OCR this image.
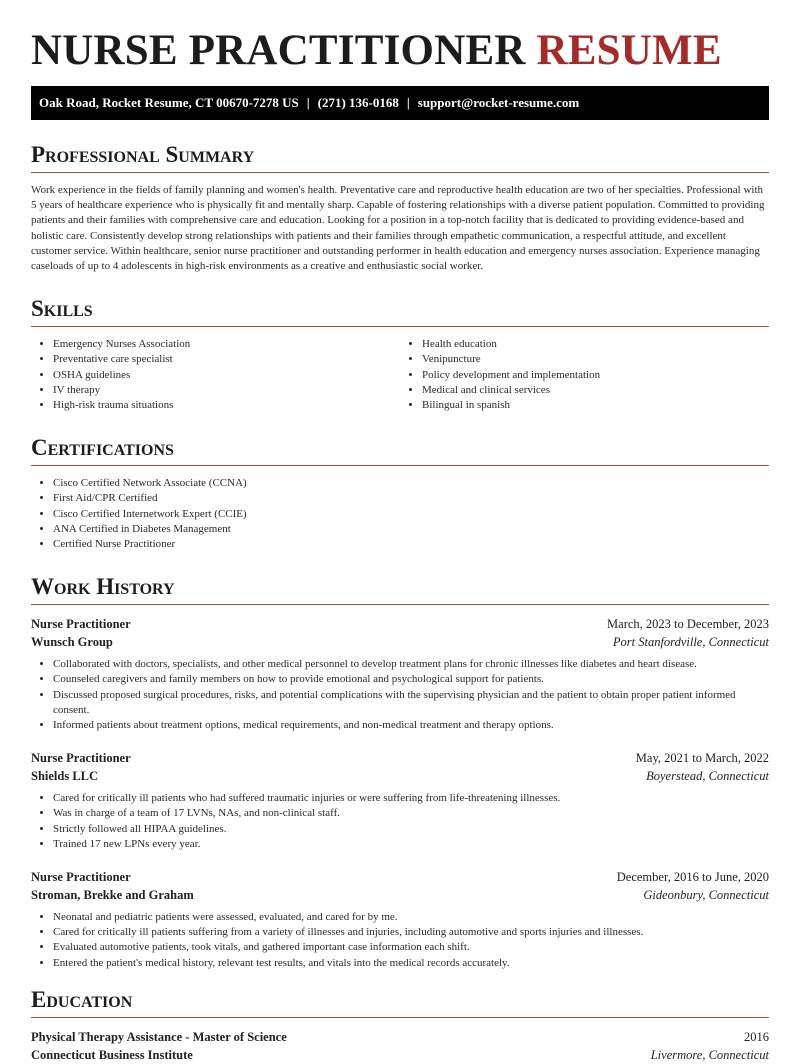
NURSE PRACTITIONER RESUME
Oak Road, Rocket Resume, CT 00670-7278 US | (271) 136-0168 | support@rocket-resume.com
Professional Summary

Work experience in the fields of family planning and women's health. Preventative care and reproductive health education are two of her specialties. Professional with 5 years of healthcare experience who is physically fit and mentally sharp. Capable of fostering relationships with a diverse patient population. Committed to providing patients and their families with comprehensive care and education. Looking for a position in a top-notch facility that is dedicated to providing evidence-based and holistic care. Consistently develop strong relationships with patients and their families through empathetic communication, a respectful attitude, and excellent customer service. Within healthcare, senior nurse practitioner and outstanding performer in health education and emergency nurses association. Experience managing caseloads of up to 4 adolescents in high-risk environments as a creative and enthusiastic social worker.

Skills
• Emergency Nurses Association
• Preventative care specialist
• OSHA guidelines
• IV therapy
• High-risk trauma situations
• Health education
• Venipuncture
• Policy development and implementation
• Medical and clinical services
• Bilingual in spanish
Certifications
• Cisco Certified Network Associate (CCNA)
• First Aid/CPR Certified
• Cisco Certified Internetwork Expert (CCIE)
• ANA Certified in Diabetes Management
• Certified Nurse Practitioner
Work History
Nurse Practitioner	March, 2023 to December, 2023
Wunsch Group	Port Stanfordville, Connecticut
• Collaborated with doctors, specialists, and other medical personnel to develop treatment plans for chronic illnesses like diabetes and heart disease.
• Counseled caregivers and family members on how to provide emotional and psychological support for patients.
• Discussed proposed surgical procedures, risks, and potential complications with the supervising physician and the patient to obtain proper patient informed consent.
• Informed patients about treatment options, medical requirements, and non-medical treatment and therapy options.
Nurse Practitioner	May, 2021 to March, 2022
Shields LLC	Boyerstead, Connecticut
• Cared for critically ill patients who had suffered traumatic injuries or were suffering from life-threatening illnesses.
• Was in charge of a team of 17 LVNs, NAs, and non-clinical staff.
• Strictly followed all HIPAA guidelines.
• Trained 17 new LPNs every year.
Nurse Practitioner	December, 2016 to June, 2020
Stroman, Brekke and Graham	Gideonbury, Connecticut
• Neonatal and pediatric patients were assessed, evaluated, and cared for by me.
• Cared for critically ill patients suffering from a variety of illnesses and injuries, including automotive and sports injuries and illnesses.
• Evaluated automotive patients, took vitals, and gathered important case information each shift.
• Entered the patient's medical history, relevant test results, and vitals into the medical records accurately.
Education
Physical Therapy Assistance - Master of Science	2016
Connecticut Business Institute	Livermore, Connecticut
